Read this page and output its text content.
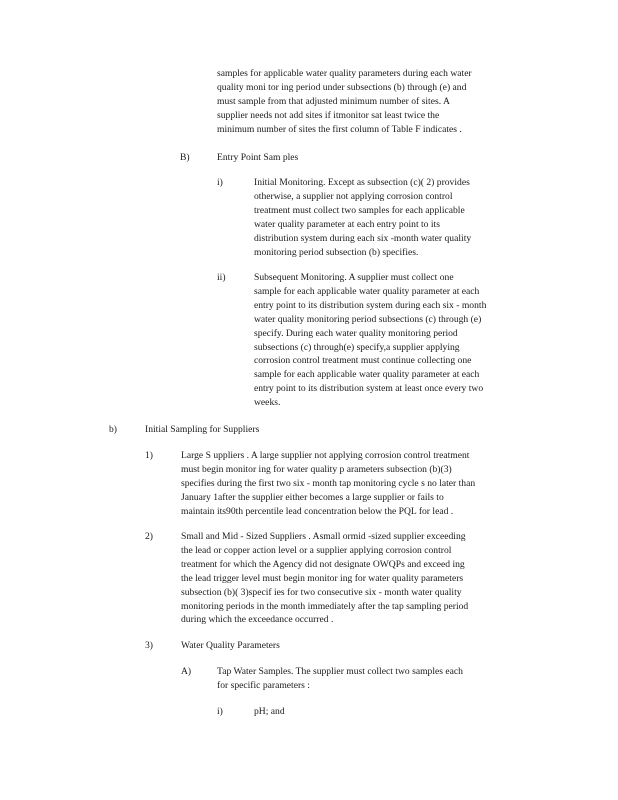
samples for applicable water quality parameters during each water
quality moni tor ing period under subsections (b) through (e) and
must sample from that adjusted minimum number of sites. A
supplier needs not add sites if itmonitor sat least twice the
minimum number of sites the first column of Table F indicates .
B)	Entry Point Sam ples
i)	Initial Monitoring. Except as subsection (c)( 2) provides
otherwise, a supplier not applying corrosion control
treatment must collect two samples for each applicable
water quality parameter at each entry point to its
distribution system during each six -month water quality
monitoring period subsection (b) specifies.
ii)	Subsequent Monitoring. A supplier must collect one
sample for each applicable water quality parameter at each
entry point to its distribution system during each six - month
water quality monitoring period subsections (c) through (e)
specify. During each water quality monitoring period
subsections (c) through(e) specify,a supplier applying
corrosion control treatment must continue collecting one
sample for each applicable water quality parameter at each
entry point to its distribution system at least once every two
weeks.
b)	Initial Sampling for Suppliers
1)	Large S uppliers . A large supplier not applying corrosion control treatment
must begin monitor ing for water quality p arameters subsection (b)(3)
specifies during the first two six - month tap monitoring cycle s no later than
January 1after the supplier either becomes a large supplier or fails to
maintain its90th percentile lead concentration below the PQL for lead .
2)	Small and Mid - Sized Suppliers . Asmall ormid -sized supplier exceeding
the lead or copper action level or a supplier applying corrosion control
treatment for which the Agency did not designate OWQPs and exceed ing
the lead trigger level must begin monitor ing for water quality parameters
subsection (b)( 3)specif ies for two consecutive six - month water quality
monitoring periods in the month immediately after the tap sampling period
during which the exceedance occurred .
3)	Water Quality Parameters
A)	Tap Water Samples. The supplier must collect two samples each
for specific parameters :
i)	pH; and
